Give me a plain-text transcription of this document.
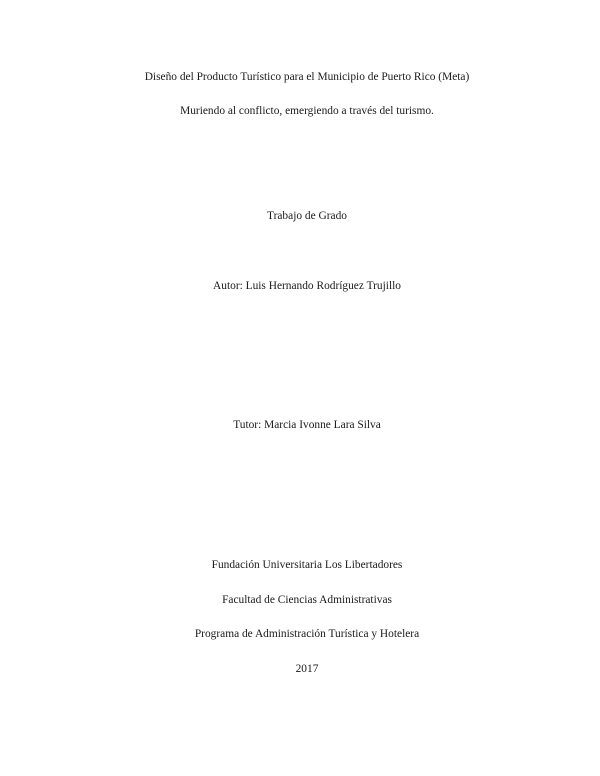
Diseño del Producto Turístico para el Municipio de Puerto Rico (Meta)
Muriendo al conflicto, emergiendo a través del turismo.
Trabajo de Grado
Autor: Luis Hernando Rodríguez Trujillo
Tutor: Marcia Ivonne Lara Silva
Fundación Universitaria Los Libertadores
Facultad de Ciencias Administrativas
Programa de Administración Turística y Hotelera
2017
